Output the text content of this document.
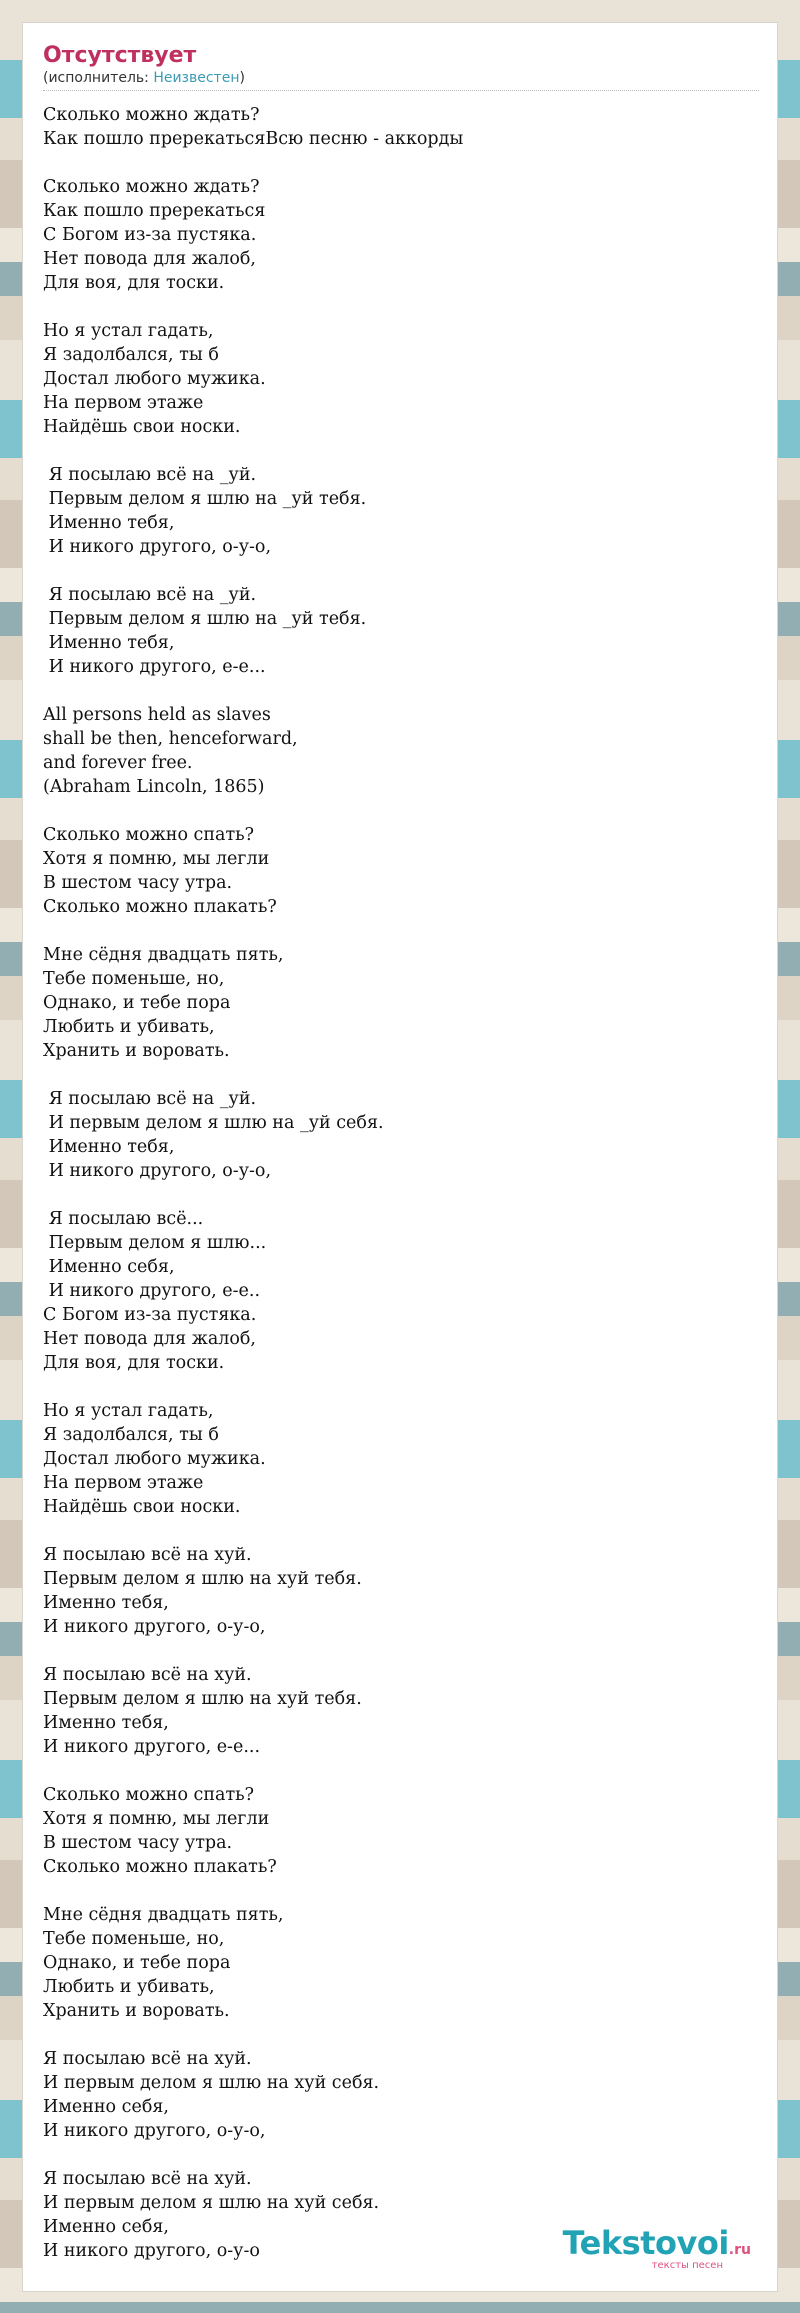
Отсутствует
(исполнитель: Неизвестен)
Сколько можно ждать?
Как пошло пререкатьсяВсю песню - аккорды

Сколько можно ждать?
Как пошло пререкаться
С Богом из-за пустяка.
Нет повода для жалоб,
Для воя, для тоски.

Но я устал гадать,
Я задолбался, ты б
Достал любого мужика.
На первом этаже
Найдёшь свои носки.

Я посылаю всё на _уй.
Первым делом я шлю на _уй тебя.
Именно тебя,
И никого другого, о-у-о,

Я посылаю всё на _уй.
Первым делом я шлю на _уй тебя.
Именно тебя,
И никого другого, е-е...

All persons held as slaves
shall be then, henceforward,
and forever free.
(Abraham Lincoln, 1865)

Сколько можно спать?
Хотя я помню, мы легли
В шестом часу утра.
Сколько можно плакать?

Мне сёдня двадцать пять,
Тебе поменьше, но,
Однако, и тебе пора
Любить и убивать,
Хранить и воровать.

Я посылаю всё на _уй.
И первым делом я шлю на _уй себя.
Именно тебя,
И никого другого, о-у-о,

Я посылаю всё...
Первым делом я шлю...
Именно себя,
И никого другого, е-е..
С Богом из-за пустяка.
Нет повода для жалоб,
Для воя, для тоски.

Но я устал гадать,
Я задолбался, ты б
Достал любого мужика.
На первом этаже
Найдёшь свои носки.

Я посылаю всё на хуй.
Первым делом я шлю на хуй тебя.
Именно тебя,
И никого другого, о-у-о,

Я посылаю всё на хуй.
Первым делом я шлю на хуй тебя.
Именно тебя,
И никого другого, е-е...

Сколько можно спать?
Хотя я помню, мы легли
В шестом часу утра.
Сколько можно плакать?

Мне сёдня двадцать пять,
Тебе поменьше, но,
Однако, и тебе пора
Любить и убивать,
Хранить и воровать.

Я посылаю всё на хуй.
И первым делом я шлю на хуй себя.
Именно себя,
И никого другого, о-у-о,

Я посылаю всё на хуй.
И первым делом я шлю на хуй себя.
Именно себя,
И никого другого, о-у-о	Tekstovoi.ru
тексты песен
